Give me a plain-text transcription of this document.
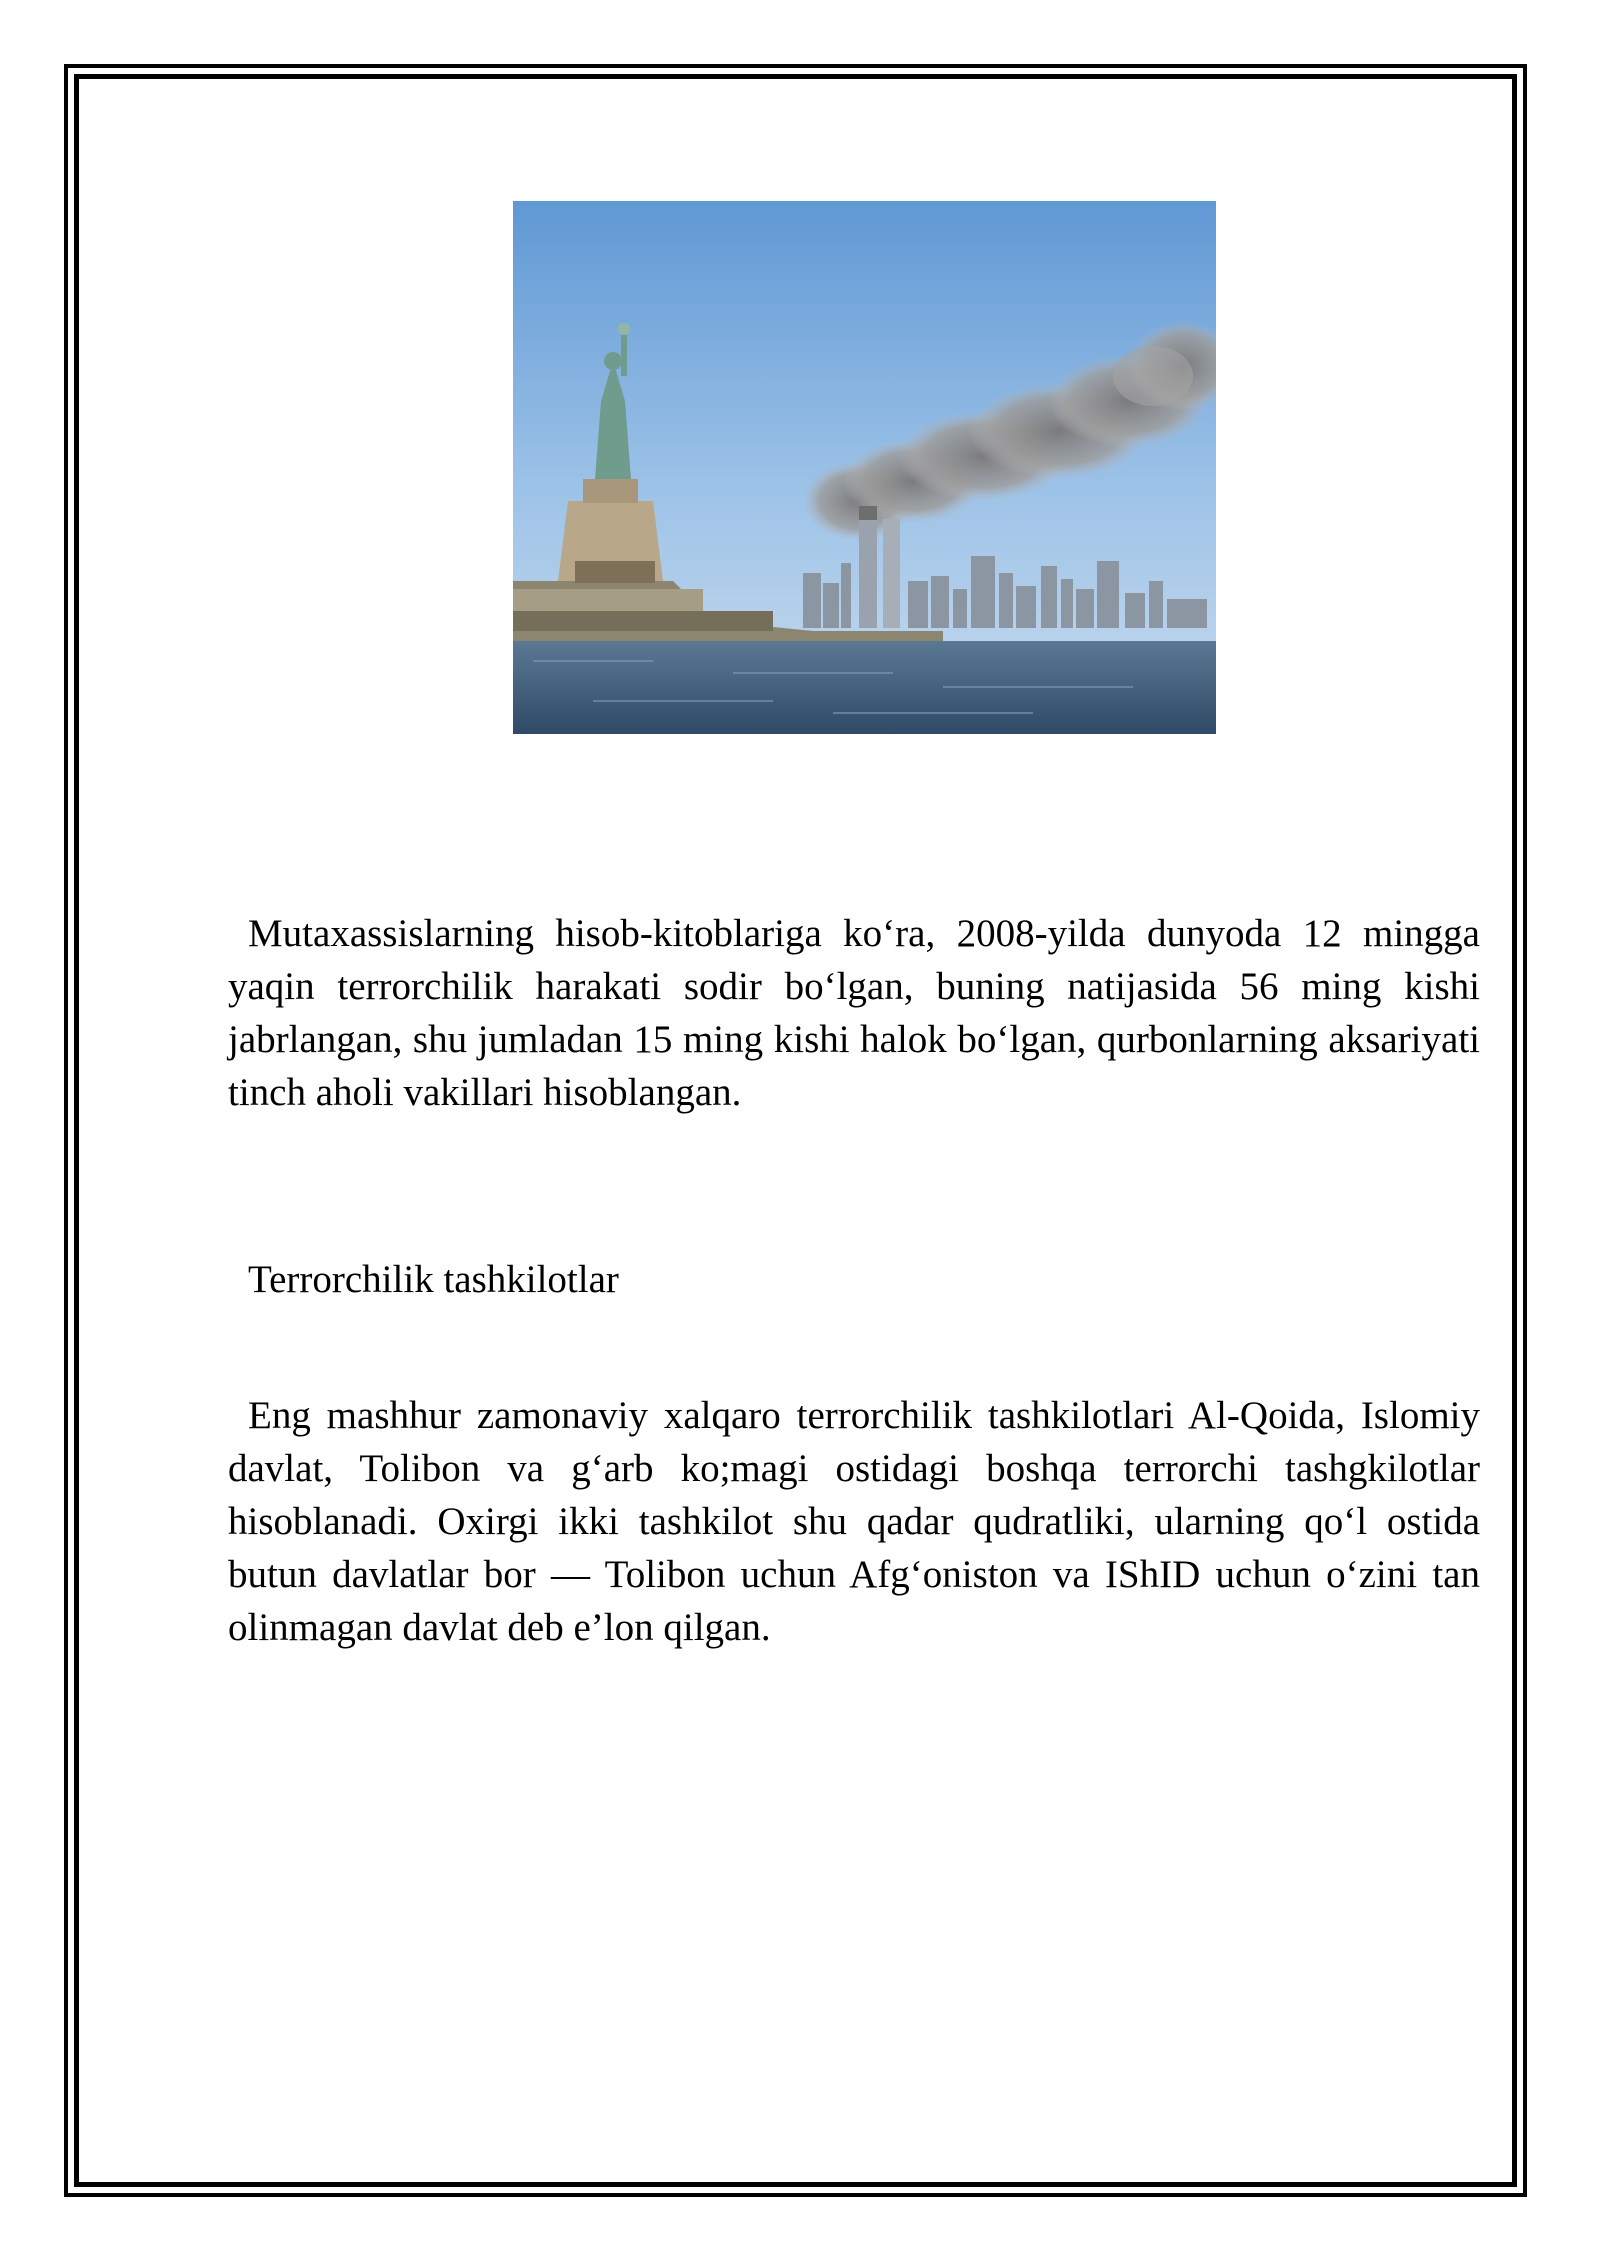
Mutaxassislarning hisob-kitoblariga ko‘ra, 2008-yilda dunyoda 12 mingga yaqin terrorchilik harakati sodir bo‘lgan, buning natijasida 56 ming kishi jabrlangan, shu jumladan 15 ming kishi halok bo‘lgan, qurbonlarning aksariyati tinch aholi vakillari hisoblangan.

Terrorchilik tashkilotlar

Eng mashhur zamonaviy xalqaro terrorchilik tashkilotlari Al-Qoida, Islomiy davlat, Tolibon va g‘arb ko;magi ostidagi boshqa terrorchi tashgkilotlar hisoblanadi. Oxirgi ikki tashkilot shu qadar qudratliki, ularning qo‘l ostida butun davlatlar bor — Tolibon uchun Afg‘oniston va IShID uchun o‘zini tan olinmagan davlat deb e’lon qilgan.
